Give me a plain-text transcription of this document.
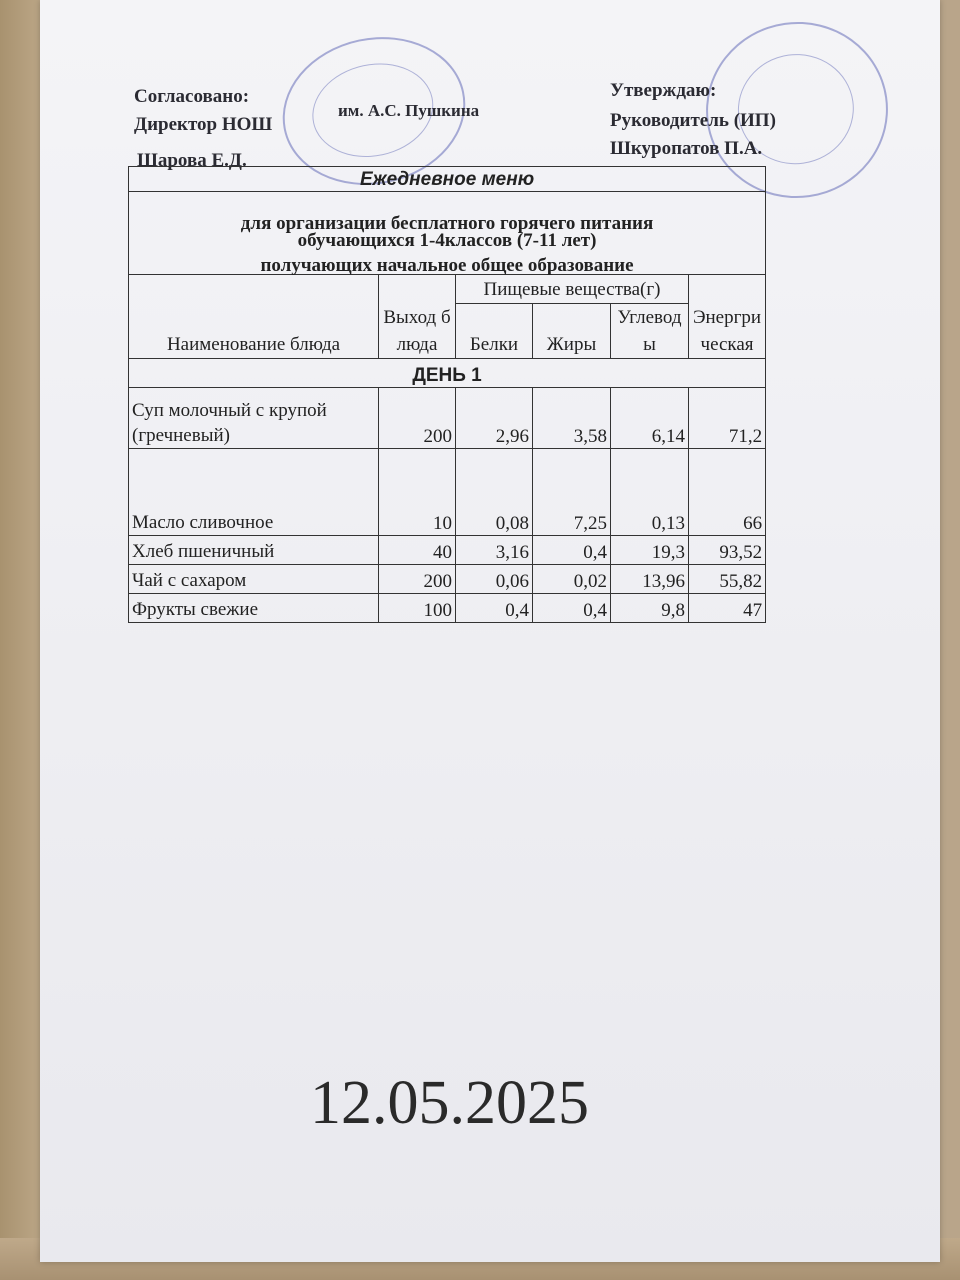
Согласовано:
Директор НОШ
Шарова Е.Д.
им. А.С. Пушкина
Утверждаю:
Руководитель (ИП)
Шкуропатов П.А.
Ежедневное меню					

для организации бесплатного горячего питания обучающихся 1-4классов (7-11 лет)
получающих начальное общее образование					

Наименование блюда	Выход блюда	Пищевые вещества(г)			Энергрическая
		Белки	Жиры	Углеводы	
ДЕНЬ 1					
Суп молочный с крупой (гречневый)	200	2,96	3,58	6,14	71,2
Масло сливочное	10	0,08	7,25	0,13	66
Хлеб пшеничный	40	3,16	0,4	19,3	93,52
Чай с сахаром	200	0,06	0,02	13,96	55,82
Фрукты свежие	100	0,4	0,4	9,8	47
12.05.2025
